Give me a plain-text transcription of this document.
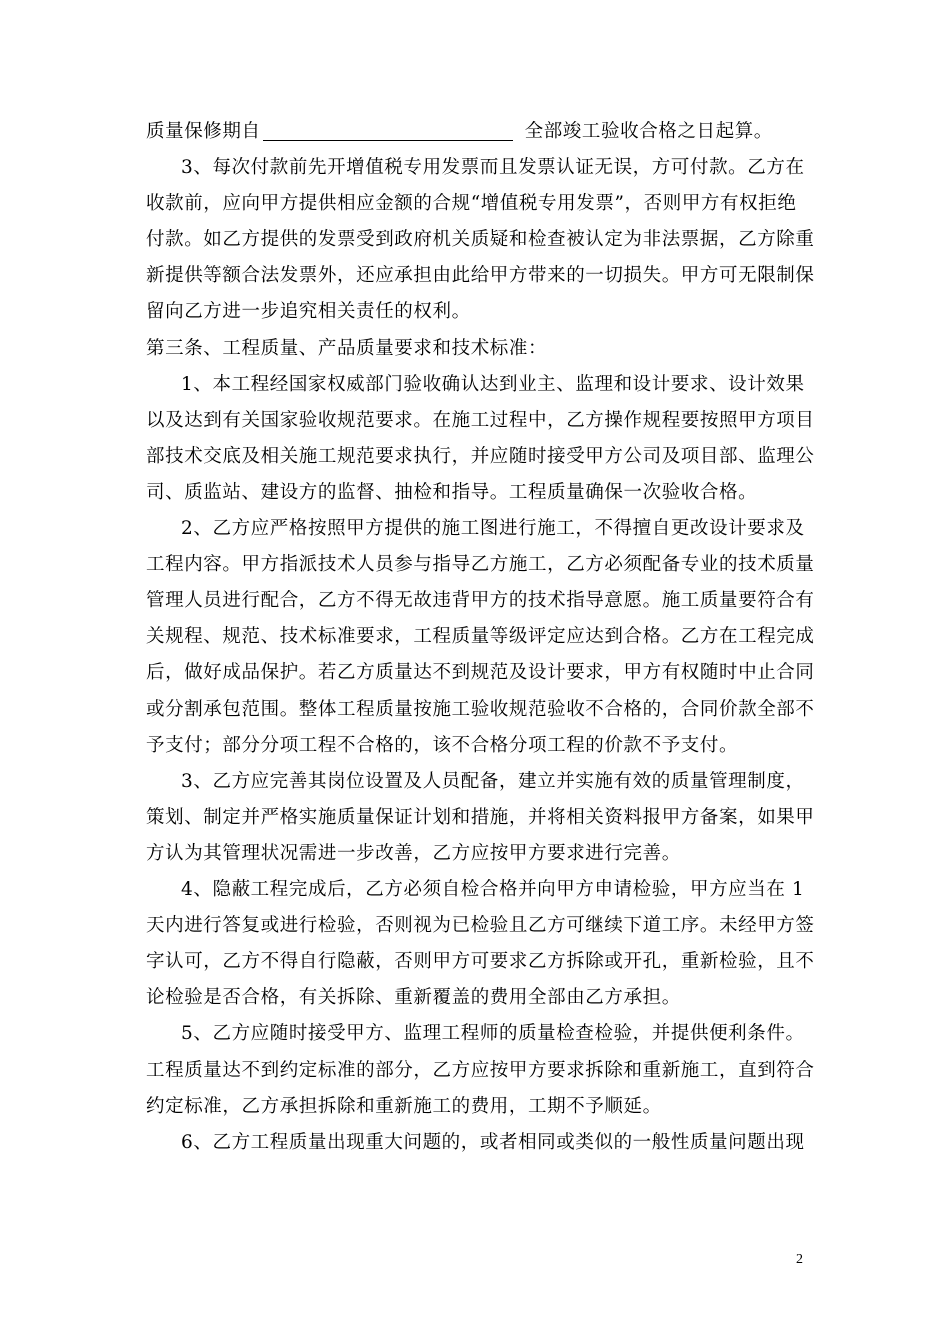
质量保修期自	全部竣工验收合格之日起算。
3、每次付款前先开增值税专用发票而且发票认证无误，方可付款。乙方在
收款前，应向甲方提供相应金额的合规“增值税专用发票”，否则甲方有权拒绝
付款。如乙方提供的发票受到政府机关质疑和检查被认定为非法票据，乙方除重
新提供等额合法发票外，还应承担由此给甲方带来的一切损失。甲方可无限制保
留向乙方进一步追究相关责任的权利。
第三条、工程质量、产品质量要求和技术标准：
1、本工程经国家权威部门验收确认达到业主、监理和设计要求、设计效果
以及达到有关国家验收规范要求。在施工过程中，乙方操作规程要按照甲方项目
部技术交底及相关施工规范要求执行，并应随时接受甲方公司及项目部、监理公
司、质监站、建设方的监督、抽检和指导。工程质量确保一次验收合格。
2、乙方应严格按照甲方提供的施工图进行施工，不得擅自更改设计要求及
工程内容。甲方指派技术人员参与指导乙方施工，乙方必须配备专业的技术质量
管理人员进行配合，乙方不得无故违背甲方的技术指导意愿。施工质量要符合有
关规程、规范、技术标准要求，工程质量等级评定应达到合格。乙方在工程完成
后，做好成品保护。若乙方质量达不到规范及设计要求，甲方有权随时中止合同
或分割承包范围。整体工程质量按施工验收规范验收不合格的，合同价款全部不
予支付；部分分项工程不合格的，该不合格分项工程的价款不予支付。
3、乙方应完善其岗位设置及人员配备，建立并实施有效的质量管理制度，
策划、制定并严格实施质量保证计划和措施，并将相关资料报甲方备案，如果甲
方认为其管理状况需进一步改善，乙方应按甲方要求进行完善。
4、隐蔽工程完成后，乙方必须自检合格并向甲方申请检验，甲方应当在 1
天内进行答复或进行检验，否则视为已检验且乙方可继续下道工序。未经甲方签
字认可，乙方不得自行隐蔽，否则甲方可要求乙方拆除或开孔，重新检验，且不
论检验是否合格，有关拆除、重新覆盖的费用全部由乙方承担。
5、乙方应随时接受甲方、监理工程师的质量检查检验，并提供便利条件。
工程质量达不到约定标准的部分，乙方应按甲方要求拆除和重新施工，直到符合
约定标准，乙方承担拆除和重新施工的费用，工期不予顺延。
6、乙方工程质量出现重大问题的，或者相同或类似的一般性质量问题出现
2
